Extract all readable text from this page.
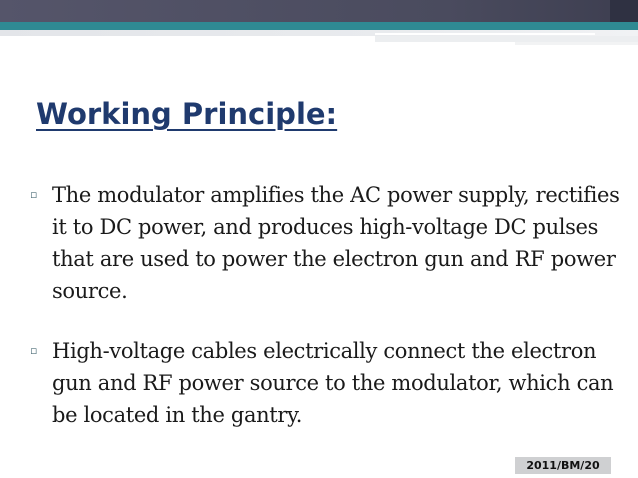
Working Principle:
▫ The modulator amplifies the AC power supply, rectifies it to DC power, and produces high-voltage DC pulses that are used to power the electron gun and RF power source.
▫ High-voltage cables electrically connect the electron gun and RF power source to the modulator, which can be located in the gantry.
2011/BM/20
